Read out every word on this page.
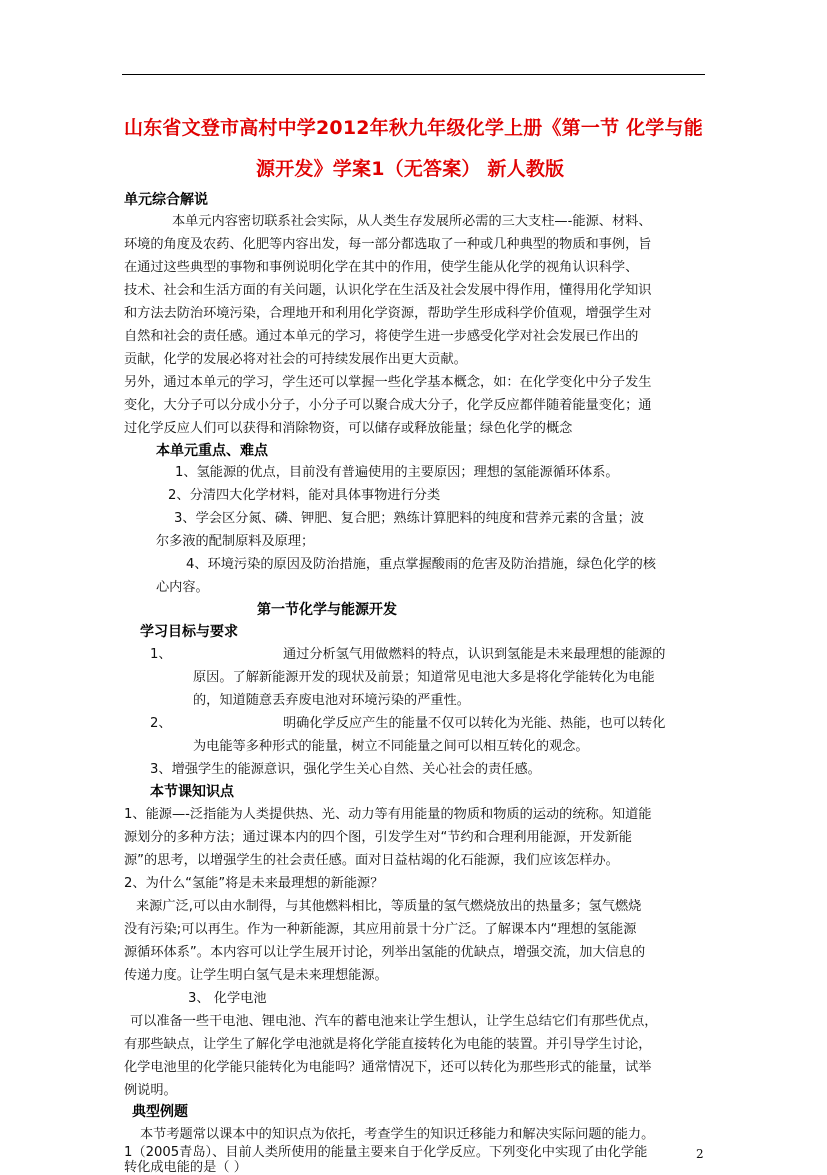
山东省文登市高村中学2012年秋九年级化学上册《第一节 化学与能
源开发》学案1（无答案） 新人教版
单元综合解说
本单元内容密切联系社会实际，从人类生存发展所必需的三大支柱—-能源、材料、
环境的角度及农药、化肥等内容出发，每一部分都选取了一种或几种典型的物质和事例，旨
在通过这些典型的事物和事例说明化学在其中的作用，使学生能从化学的视角认识科学、
技术、社会和生活方面的有关问题，认识化学在生活及社会发展中得作用，懂得用化学知识
和方法去防治环境污染，合理地开和利用化学资源，帮助学生形成科学价值观，增强学生对
自然和社会的责任感。通过本单元的学习，将使学生进一步感受化学对社会发展已作出的
贡献，化学的发展必将对社会的可持续发展作出更大贡献。
另外，通过本单元的学习，学生还可以掌握一些化学基本概念，如：在化学变化中分子发生
变化，大分子可以分成小分子，小分子可以聚合成大分子，化学反应都伴随着能量变化；通
过化学反应人们可以获得和消除物资，可以储存或释放能量；绿色化学的概念
本单元重点、难点
1、氢能源的优点，目前没有普遍使用的主要原因；理想的氢能源循环体系。
2、分清四大化学材料，能对具体事物进行分类
3、学会区分氮、磷、钾肥、复合肥；熟练计算肥料的纯度和营养元素的含量；波
尔多液的配制原料及原理；
4、环境污染的原因及防治措施，重点掌握酸雨的危害及防治措施，绿色化学的核
心内容。
第一节化学与能源开发
学习目标与要求
1、	通过分析氢气用做燃料的特点，认识到氢能是未来最理想的能源的
原因。了解新能源开发的现状及前景；知道常见电池大多是将化学能转化为电能
的，知道随意丢弃废电池对环境污染的严重性。
2、	明确化学反应产生的能量不仅可以转化为光能、热能，也可以转化
为电能等多种形式的能量，树立不同能量之间可以相互转化的观念。
3、增强学生的能源意识，强化学生关心自然、关心社会的责任感。
本节课知识点
1、能源—-泛指能为人类提供热、光、动力等有用能量的物质和物质的运动的统称。知道能
源划分的多种方法；通过课本内的四个图，引发学生对“节约和合理利用能源，开发新能
源”的思考，以增强学生的社会责任感。面对日益枯竭的化石能源，我们应该怎样办。
2、为什么“氢能”将是未来最理想的新能源？
来源广泛,可以由水制得，与其他燃料相比，等质量的氢气燃烧放出的热量多；氢气燃烧
没有污染;可以再生。作为一种新能源，其应用前景十分广泛。了解课本内“理想的氢能源
源循环体系”。本内容可以让学生展开讨论，列举出氢能的优缺点，增强交流，加大信息的
传递力度。让学生明白氢气是未来理想能源。
3、 化学电池
可以准备一些干电池、锂电池、汽车的蓄电池来让学生想认，让学生总结它们有那些优点，
有那些缺点，让学生了解化学电池就是将化学能直接转化为电能的装置。并引导学生讨论，
化学电池里的化学能只能转化为电能吗？通常情况下，还可以转化为那些形式的能量，试举
例说明。
典型例题
本节考题常以课本中的知识点为依托，考查学生的知识迁移能力和解决实际问题的能力。
1（2005青岛）、目前人类所使用的能量主要来自于化学反应。下列变化中实现了由化学能
转化成电能的是（ ）
2
